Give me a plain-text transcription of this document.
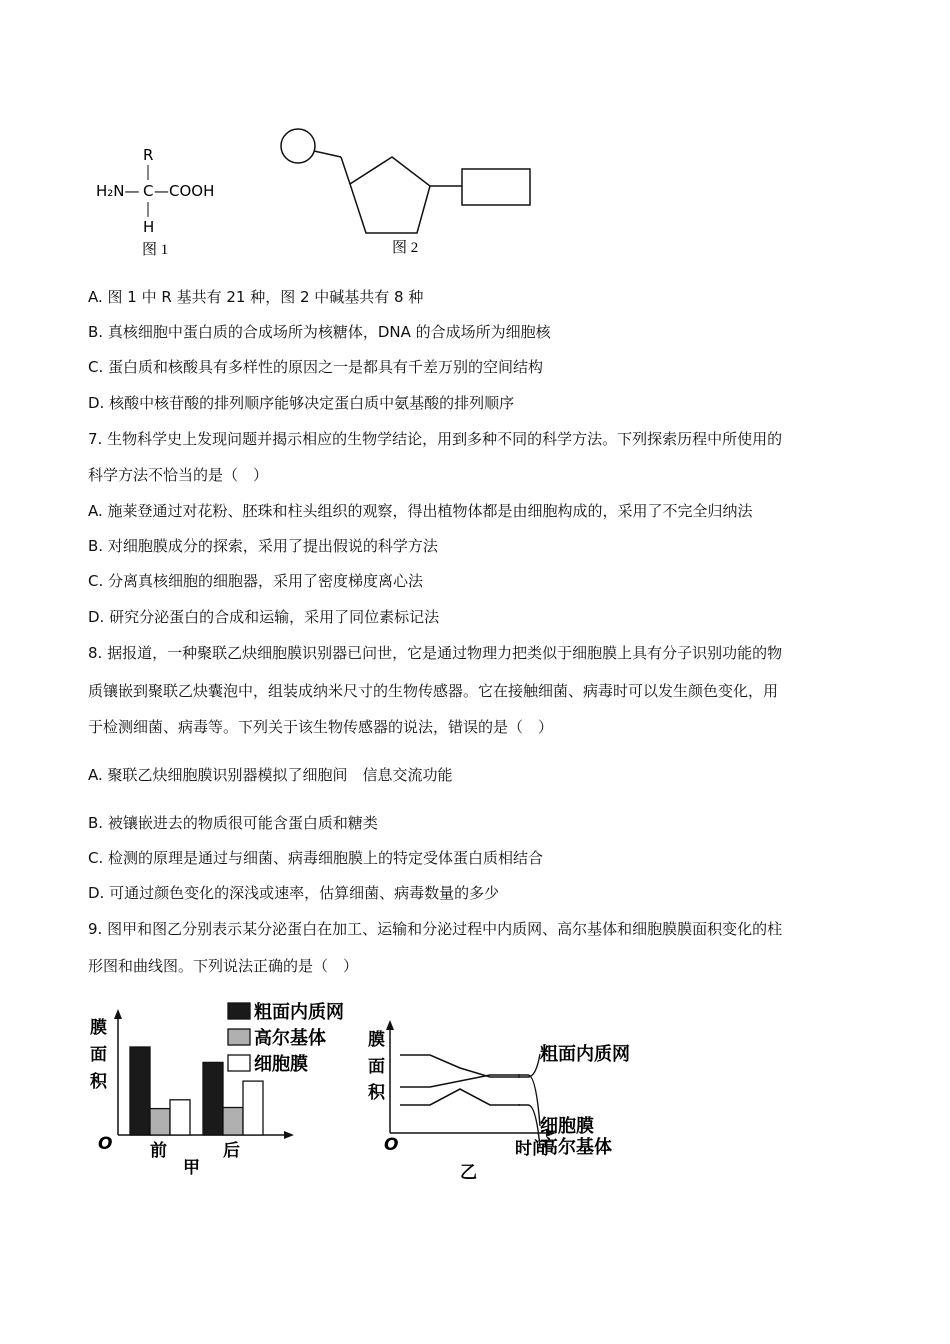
R
H₂N— C —COOH
H
图 1	图 2
A. 图 1 中 R 基共有 21 种，图 2 中碱基共有 8 种
B. 真核细胞中蛋白质的合成场所为核糖体，DNA 的合成场所为细胞核
C. 蛋白质和核酸具有多样性的原因之一是都具有千差万别的空间结构
D. 核酸中核苷酸的排列顺序能够决定蛋白质中氨基酸的排列顺序
7. 生物科学史上发现问题并揭示相应的生物学结论，用到多种不同的科学方法。下列探索历程中所使用的
科学方法不恰当的是（　）
A. 施莱登通过对花粉、胚珠和柱头组织的观察，得出植物体都是由细胞构成的，采用了不完全归纳法
B. 对细胞膜成分的探索，采用了提出假说的科学方法
C. 分离真核细胞的细胞器，采用了密度梯度离心法
D. 研究分泌蛋白的合成和运输，采用了同位素标记法
8. 据报道，一种聚联乙炔细胞膜识别器已问世，它是通过物理力把类似于细胞膜上具有分子识别功能的物
质镶嵌到聚联乙炔囊泡中，组装成纳米尺寸的生物传感器。它在接触细菌、病毒时可以发生颜色变化，用
于检测细菌、病毒等。下列关于该生物传感器的说法，错误的是（　）
A. 聚联乙炔细胞膜识别器模拟了细胞间　信息交流功能
B. 被镶嵌进去的物质很可能含蛋白质和糖类
C. 检测的原理是通过与细菌、病毒细胞膜上的特定受体蛋白质相结合
D. 可通过颜色变化的深浅或速率，估算细菌、病毒数量的多少
9. 图甲和图乙分别表示某分泌蛋白在加工、运输和分泌过程中内质网、高尔基体和细胞膜膜面积变化的柱
形图和曲线图。下列说法正确的是（　）
膜
面
积
O
甲
前	后
粗面内质网
高尔基体
细胞膜
膜
面
积
O	时间
乙
粗面内质网
细胞膜
高尔基体
